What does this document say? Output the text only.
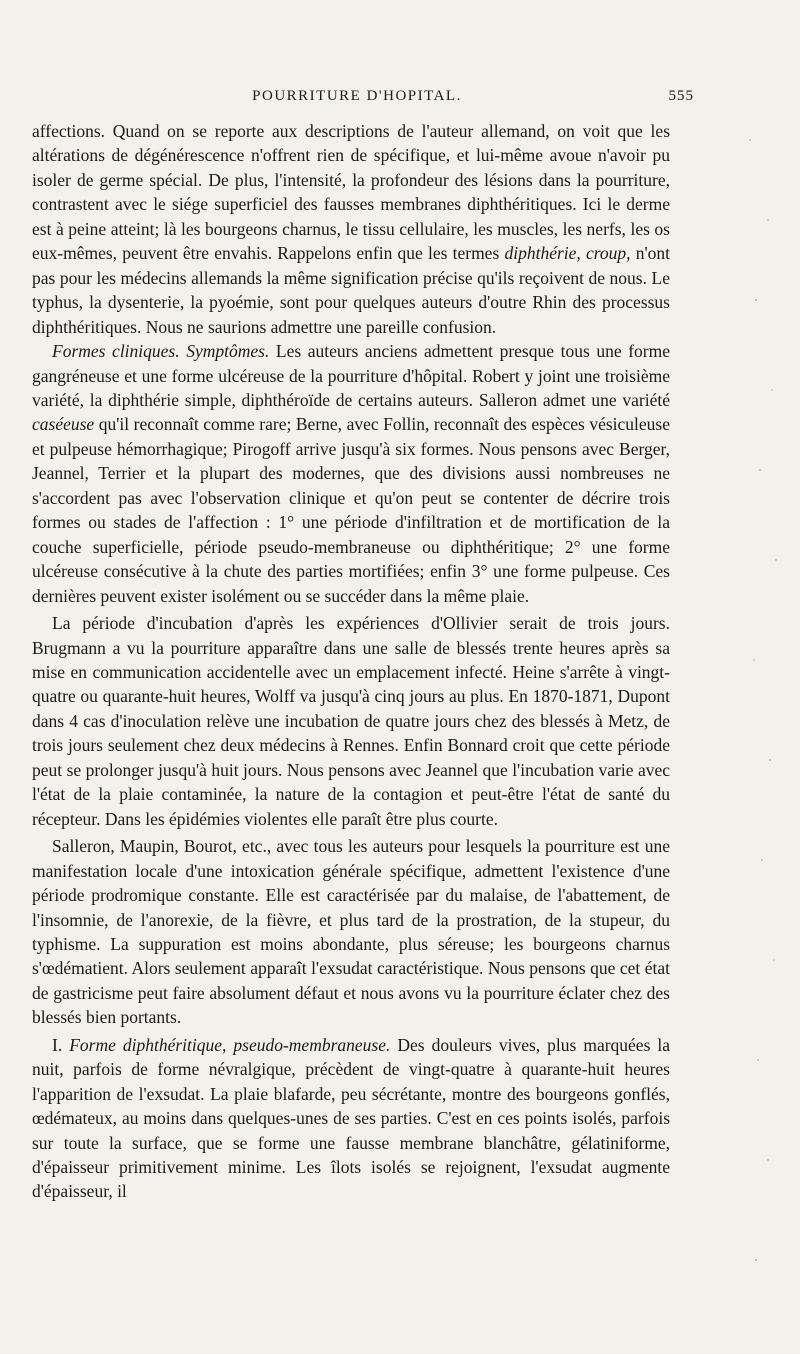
POURRITURE D'HOPITAL.	555

affections. Quand on se reporte aux descriptions de l'auteur allemand, on voit que les altérations de dégénérescence n'offrent rien de spécifique, et lui-même avoue n'avoir pu isoler de germe spécial. De plus, l'intensité, la profondeur des lésions dans la pourriture, contrastent avec le siége superficiel des fausses membranes diphthéritiques. Ici le derme est à peine atteint; là les bourgeons charnus, le tissu cellulaire, les muscles, les nerfs, les os eux-mêmes, peuvent être envahis. Rappelons enfin que les termes diphthérie, croup, n'ont pas pour les médecins allemands la même signification précise qu'ils reçoivent de nous. Le typhus, la dysenterie, la pyoémie, sont pour quelques auteurs d'outre Rhin des processus diphthéritiques. Nous ne saurions admettre une pareille confusion.

Formes cliniques. Symptômes. Les auteurs anciens admettent presque tous une forme gangréneuse et une forme ulcéreuse de la pourriture d'hôpital. Robert y joint une troisième variété, la diphthérie simple, diphthéroïde de certains auteurs. Salleron admet une variété caséeuse qu'il reconnaît comme rare; Berne, avec Follin, reconnaît des espèces vésiculeuse et pulpeuse hémorrhagique; Pirogoff arrive jusqu'à six formes. Nous pensons avec Berger, Jeannel, Terrier et la plupart des modernes, que des divisions aussi nombreuses ne s'accordent pas avec l'observation clinique et qu'on peut se contenter de décrire trois formes ou stades de l'affection : 1° une période d'infiltration et de mortification de la couche superficielle, période pseudo-membraneuse ou diphthéritique; 2° une forme ulcéreuse consécutive à la chute des parties mortifiées; enfin 3° une forme pulpeuse. Ces dernières peuvent exister isolément ou se succéder dans la même plaie.

La période d'incubation d'après les expériences d'Ollivier serait de trois jours. Brugmann a vu la pourriture apparaître dans une salle de blessés trente heures après sa mise en communication accidentelle avec un emplacement infecté. Heine s'arrête à vingt-quatre ou quarante-huit heures, Wolff va jusqu'à cinq jours au plus. En 1870-1871, Dupont dans 4 cas d'inoculation relève une incubation de quatre jours chez des blessés à Metz, de trois jours seulement chez deux médecins à Rennes. Enfin Bonnard croit que cette période peut se prolonger jusqu'à huit jours. Nous pensons avec Jeannel que l'incubation varie avec l'état de la plaie contaminée, la nature de la contagion et peut-être l'état de santé du récepteur. Dans les épidémies violentes elle paraît être plus courte.

Salleron, Maupin, Bourot, etc., avec tous les auteurs pour lesquels la pourriture est une manifestation locale d'une intoxication générale spécifique, admettent l'existence d'une période prodromique constante. Elle est caractérisée par du malaise, de l'abattement, de l'insomnie, de l'anorexie, de la fièvre, et plus tard de la prostration, de la stupeur, du typhisme. La suppuration est moins abondante, plus séreuse; les bourgeons charnus s'œdématient. Alors seulement apparaît l'exsudat caractéristique. Nous pensons que cet état de gastricisme peut faire absolument défaut et nous avons vu la pourriture éclater chez des blessés bien portants.

I. Forme diphthéritique, pseudo-membraneuse. Des douleurs vives, plus marquées la nuit, parfois de forme névralgique, précèdent de vingt-quatre à quarante-huit heures l'apparition de l'exsudat. La plaie blafarde, peu sécrétante, montre des bourgeons gonflés, œdémateux, au moins dans quelques-unes de ses parties. C'est en ces points isolés, parfois sur toute la surface, que se forme une fausse membrane blanchâtre, gélatiniforme, d'épaisseur primitivement minime. Les îlots isolés se rejoignent, l'exsudat augmente d'épaisseur, il
